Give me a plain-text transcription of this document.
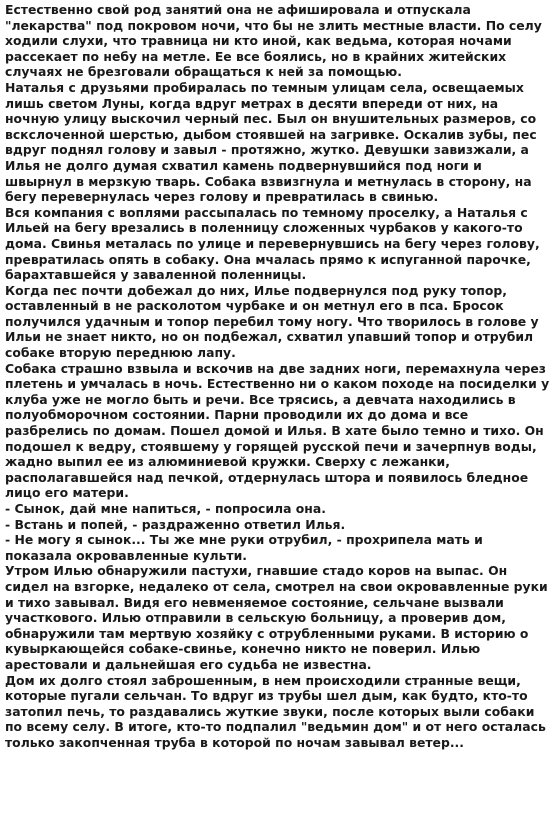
Естественно свой род занятий она не афишировала и отпускала "лекарства" под покровом ночи, что бы не злить местные власти. По селу ходили слухи, что травница ни кто иной, как ведьма, которая ночами рассекает по небу на метле. Ее все боялись, но в крайних житейских случаях не брезговали обращаться к ней за помощью.

Наталья с друзьями пробиралась по темным улицам села, освещаемых лишь светом Луны, когда вдруг метрах в десяти впереди от них, на ночную улицу выскочил черный пес. Был он внушительных размеров, со вскслоченной шерстью, дыбом стоявшей на загривке. Оскалив зубы, пес вдруг поднял голову и завыл - протяжно, жутко. Девушки завизжали, а Илья не долго думая схватил камень подвернувшийся под ноги и швырнул в мерзкую тварь. Собака взвизгнула и метнулась в сторону, на бегу перевернулась через голову и превратилась в свинью.

Вся компания с воплями рассыпалась по темному проселку, а Наталья с Ильей на бегу врезались в поленницу сложенных чурбаков у какого-то дома. Свинья металась по улице и перевернувшись на бегу через голову, превратилась опять в собаку. Она мчалась прямо к испуганной парочке, барахтавшейся у заваленной поленницы.

Когда пес почти добежал до них, Илье подвернулся под руку топор, оставленный в не расколотом чурбаке и он метнул его в пса. Бросок получился удачным и топор перебил тому ногу. Что творилось в голове у Ильи не знает никто, но он подбежал, схватил упавший топор и отрубил собаке вторую переднюю лапу.

Собака страшно взвыла и вскочив на две задних ноги, перемахнула через плетень и умчалась в ночь. Естественно ни о каком походе на посиделки у клуба уже не могло быть и речи. Все трясись, а девчата находились в полуобморочном состоянии. Парни проводили их до дома и все разбрелись по домам. Пошел домой и Илья. В хате было темно и тихо. Он подошел к ведру, стоявшему у горящей русской печи и зачерпнув воды, жадно выпил ее из алюминиевой кружки. Сверху с лежанки, располагавшейся над печкой, отдернулась штора и появилось бледное лицо его матери.

- Сынок, дай мне напиться, - попросила она.

- Встань и попей, - раздраженно ответил Илья.

- Не могу я сынок... Ты же мне руки отрубил, - прохрипела мать и показала окровавленные культи.

Утром Илью обнаружили пастухи, гнавшие стадо коров на выпас. Он сидел на взгорке, недалеко от села, смотрел на свои окровавленные руки и тихо завывал. Видя его невменяемое состояние, сельчане вызвали участкового. Илью отправили в сельскую больницу, а проверив дом, обнаружили там мертвую хозяйку с отрубленными руками. В историю о кувыркающейся собаке-свинье, конечно никто не поверил. Илью арестовали и дальнейшая его судьба не известна.

Дом их долго стоял заброшенным, в нем происходили странные вещи, которые пугали сельчан. То вдруг из трубы шел дым, как будто, кто-то затопил печь, то раздавались жуткие звуки, после которых выли собаки по всему селу. В итоге, кто-то подпалил "ведьмин дом" и от него осталась только закопченная труба в которой по ночам завывал ветер...
